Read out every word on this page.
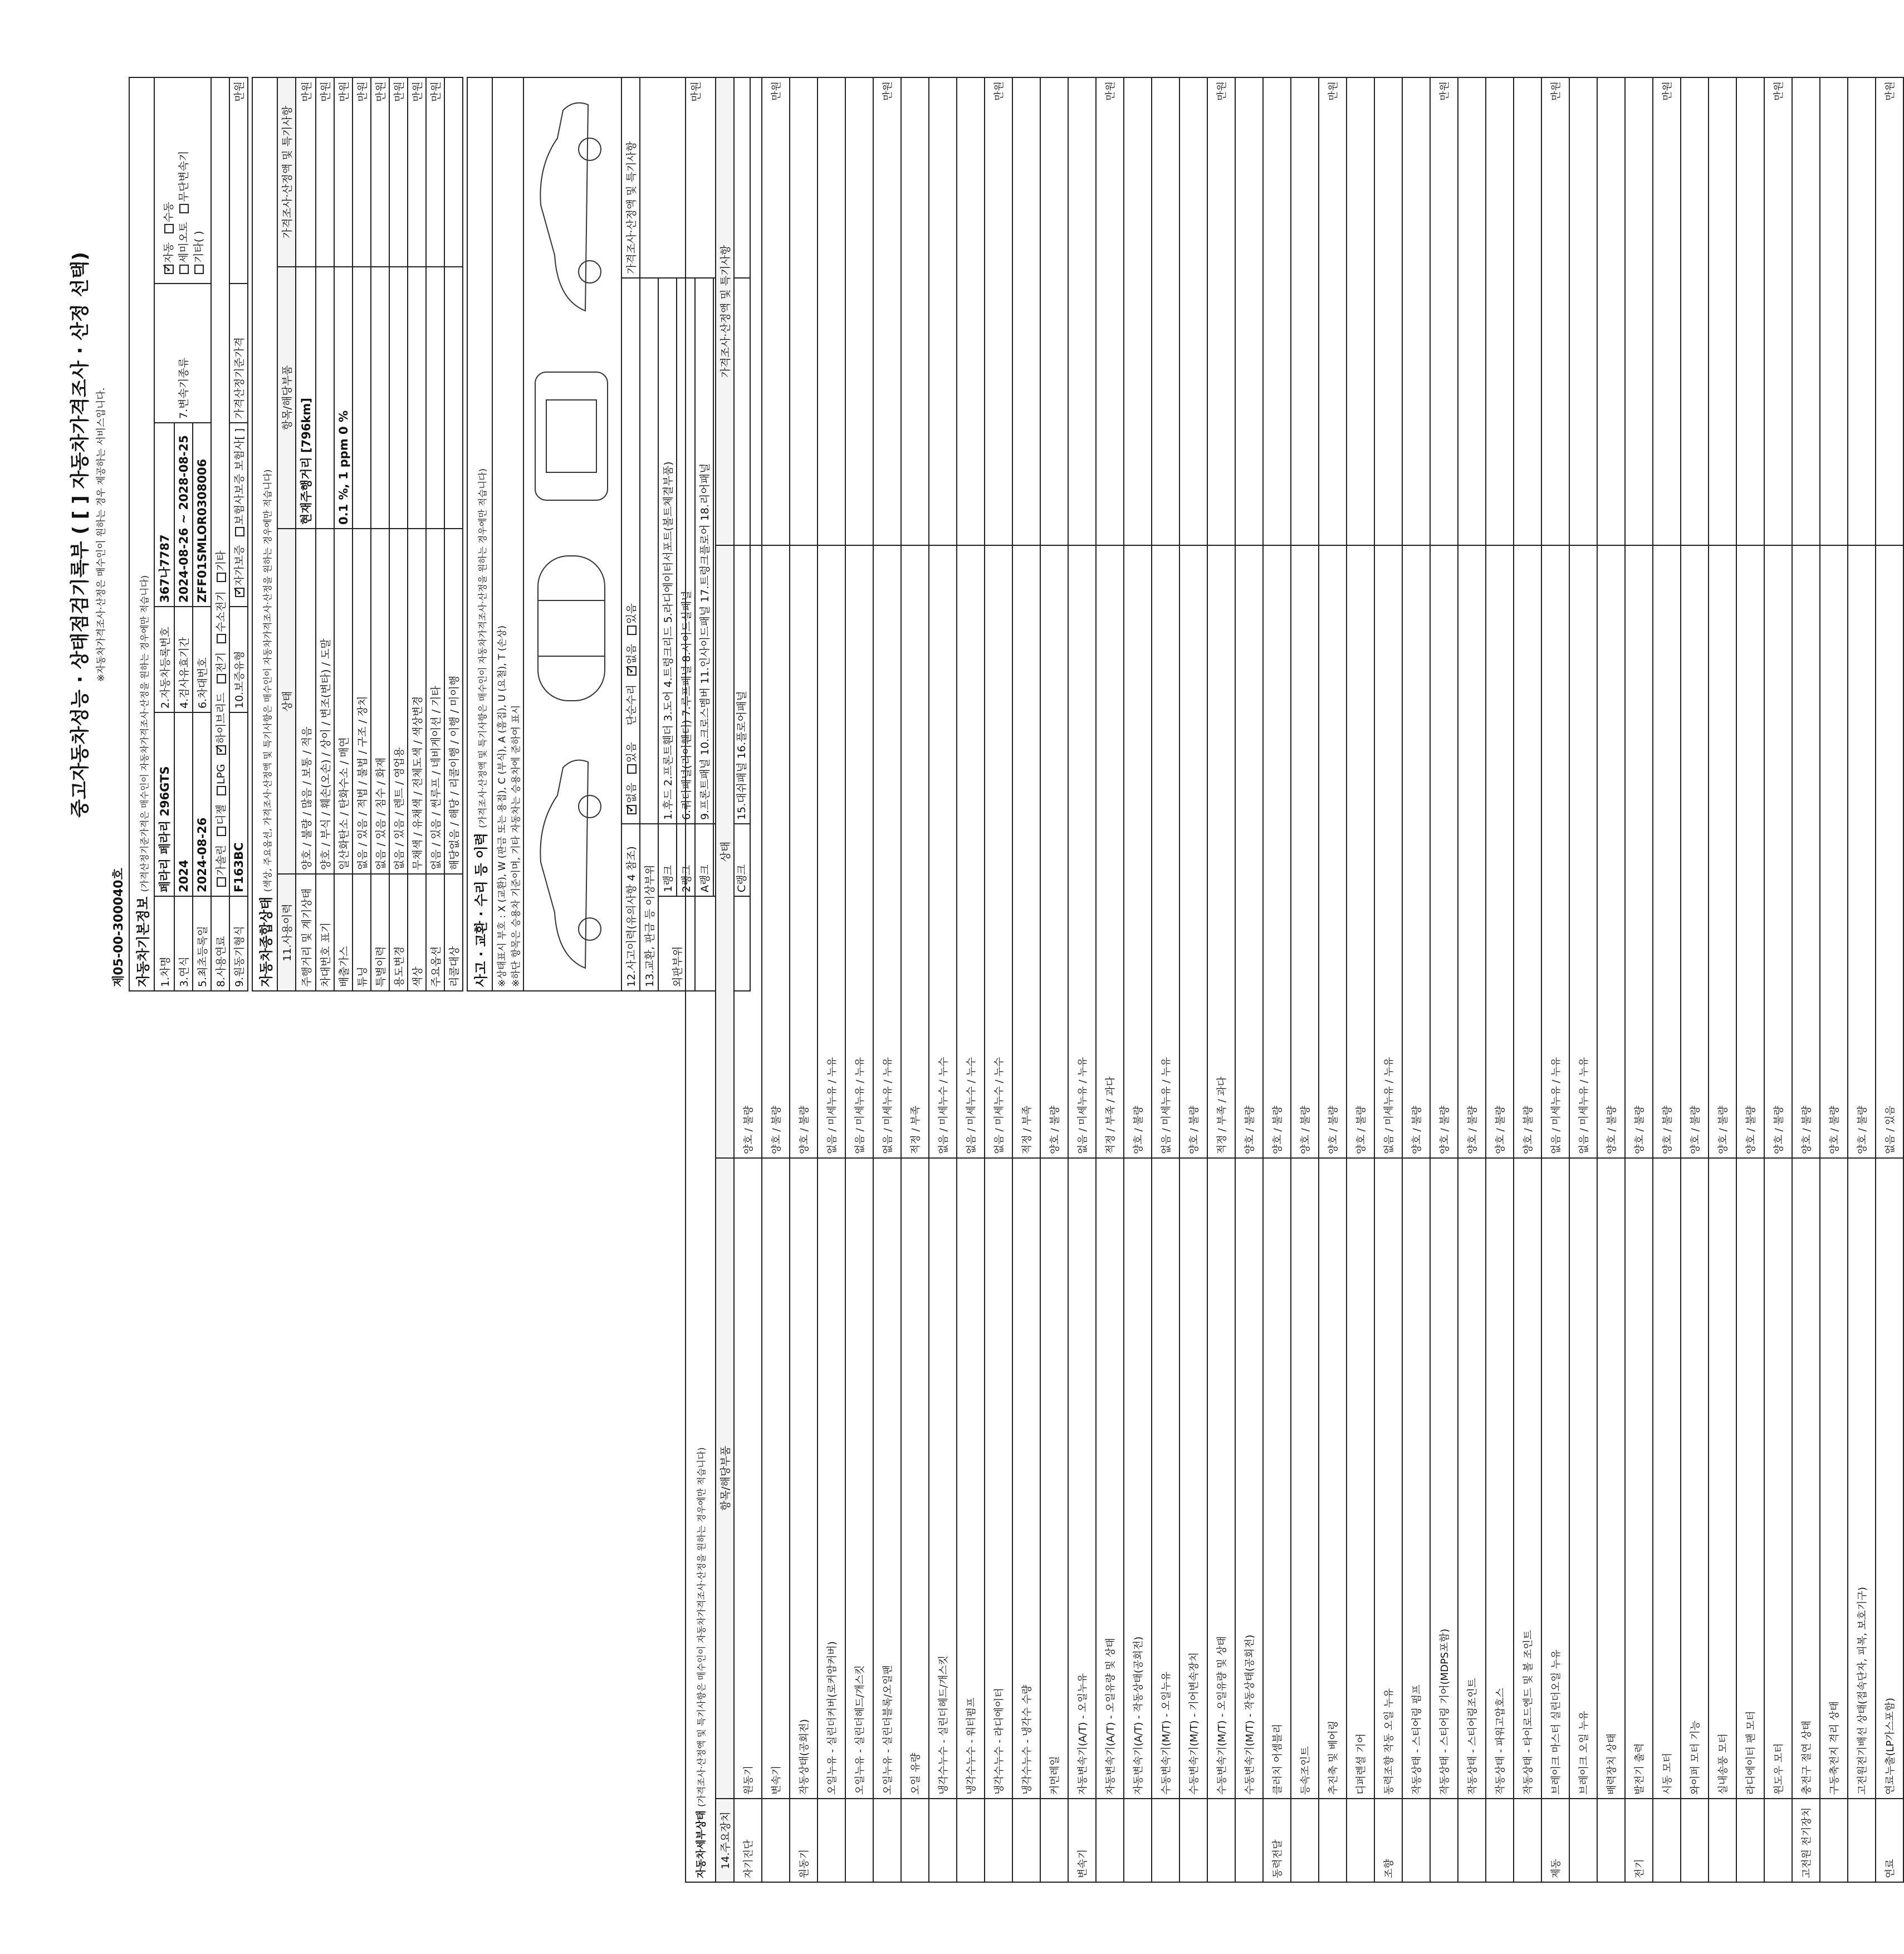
중고자동차성능 · 상태점검기록부 ( [ ] 자동차가격조사 · 산정 선택) ※자동차가격조사·산정은 매수인이 원하는 경우 제공하는 서비스입니다.
제05-00-300040호 자동차기본정보 (가격산정기준가격은 매수인이 자동차가격조사·산정을 원하는 경우에만 적습니다)					
1.차명	페라리 페라리 296GTS	2.자동차등록번호	367나7787	7.변속기종류	✓자동 수동
세미오토 무단변속기
기타( )
3.연식	2024	4.검사유효기간	2024-08-26 ~ 2028-08-25		
5.최초등록일	2024-08-26	6.차대번호	ZFF01SMLOR0308006		
8.사용연료	가솔린 디젤 LPG ✓하이브리드 전기 수소전기 기타
9.원동기형식	F163BC	10.보증유형	✓자가보증 보험사보증 보험사[ ]	가격산정기준가격	만원
자동차종합상태 (색상, 주요옵션, 가격조사·산정액 및 특기사항은 매수인이 자동차가격조사·산정을 원하는 경우에만 적습니다)			
11.사용이력	상태	항목/해당부품	가격조사·산정액 및 특기사항
주행거리 및 계기상태	양호 / 불량 / 많음 / 보통 / 적음	현재주행거리 [796km]	만원
차대번호 표기	양호 / 부식 / 훼손(오손) / 상이 / 변조(변타) / 도말		만원
배출가스	일산화탄소 / 탄화수소 / 매연	0.1 %, 1 ppm 0 %	만원
튜닝	없음 / 있음 / 적법 / 불법 / 구조 / 장치		만원
특별이력	없음 / 있음 / 침수 / 화재		만원
용도변경	없음 / 있음 / 렌트 / 영업용		만원
색상	무채색 / 유채색 / 전체도색 / 색상변경		만원
주요옵션	없음 / 있음 / 썬루프 / 네비게이션 / 기타		만원
리콜대상	해당없음 / 해당 / 리콜이행 / 이행 / 미이행		
사고 · 교환 · 수리 등 이력 (가격조사·산정액 및 특기사항은 매수인이 자동차가격조사·산정을 원하는 경우에만 적습니다)			

※상태표시 부호 : X (교환), W (판금 또는 용접), C (부식), A (흠집), U (요철), T (손상) ※하단 항목은 승용차 기준이며, 기타 자동차는 승용차에 준하여 표시			

12.사고이력(유의사항 4 참조)	✓없음 있음     단순수리 ✓없음 있음	가격조사·산정액 및 특기사항
13.교환, 판금 등 이상부위			만원
외판부위	1랭크	1.후드 2.프론트휀더 3.도어 4.트렁크리드 5.라디에이터서포트(볼트체결부품)	
	2랭크	6.쿼터패널(리어휀더) 7.루프패널 8.사이드실패널	
	A랭크	9.프론트패널 10.크로스멤버 11.인사이드패널 17.트렁크플로어 18.리어패널	

	C랭크	15.대쉬패널 16.플로어패널	
자동차세부상태 (가격조사·산정액 및 특기사항은 매수인이 자동차가격조사·산정을 원하는 경우에만 적습니다)			
14.주요장치	항목/해당부품	상태	가격조사·산정액 및 특기사항
자기진단	원동기	양호 / 불량	
	변속기	양호 / 불량	만원
원동기	작동상태(공회전)	양호 / 불량	
	오일누유 - 실린더커버(로커암커버)	없음 / 미세누유 / 누유	
	오일누유 - 실린더헤드/개스킷	없음 / 미세누유 / 누유	
	오일누유 - 실린더블록/오일팬	없음 / 미세누유 / 누유	만원
	오일 유량	적정 / 부족	
	냉각수누수 - 실린더헤드/개스킷	없음 / 미세누수 / 누수	
	냉각수누수 - 워터펌프	없음 / 미세누수 / 누수	
	냉각수누수 - 라디에이터	없음 / 미세누수 / 누수	만원
	냉각수누수 - 냉각수 수량	적정 / 부족	
	커먼레일	양호 / 불량	
변속기	자동변속기(A/T) - 오일누유	없음 / 미세누유 / 누유	
	자동변속기(A/T) - 오일유량 및 상태	적정 / 부족 / 과다	만원
	자동변속기(A/T) - 작동상태(공회전)	양호 / 불량	
	수동변속기(M/T) - 오일누유	없음 / 미세누유 / 누유	
	수동변속기(M/T) - 기어변속장치	양호 / 불량	
	수동변속기(M/T) - 오일유량 및 상태	적정 / 부족 / 과다	만원
	수동변속기(M/T) - 작동상태(공회전)	양호 / 불량	
동력전달	클러치 어셈블리	양호 / 불량	
	등속조인트	양호 / 불량	
	추진축 및 베어링	양호 / 불량	만원
	디퍼렌셜 기어	양호 / 불량	
조향	동력조향 작동 오일 누유	없음 / 미세누유 / 누유	
	작동상태 - 스티어링 펌프	양호 / 불량	
	작동상태 - 스티어링 기어(MDPS포함)	양호 / 불량	만원
	작동상태 - 스티어링조인트	양호 / 불량	
	작동상태 - 파워고압호스	양호 / 불량	
	작동상태 - 타이로드엔드 및 볼 조인트	양호 / 불량	
제동	브레이크 마스터 실린더오일 누유	없음 / 미세누유 / 누유	만원
	브레이크 오일 누유	없음 / 미세누유 / 누유	
	배력장치 상태	양호 / 불량	
전기	발전기 출력	양호 / 불량	
	시동 모터	양호 / 불량	만원
	와이퍼 모터 기능	양호 / 불량	
	실내송풍 모터	양호 / 불량	
	라디에이터 팬 모터	양호 / 불량	
	윈도우 모터	양호 / 불량	만원
고전원 전기장치	충전구 절연 상태	양호 / 불량	
	구동축전지 격리 상태	양호 / 불량	
	고전원전기배선 상태(접속단자, 피복, 보호기구)	양호 / 불량	
연료	연료누출(LP가스포함)	없음 / 있음	만원
